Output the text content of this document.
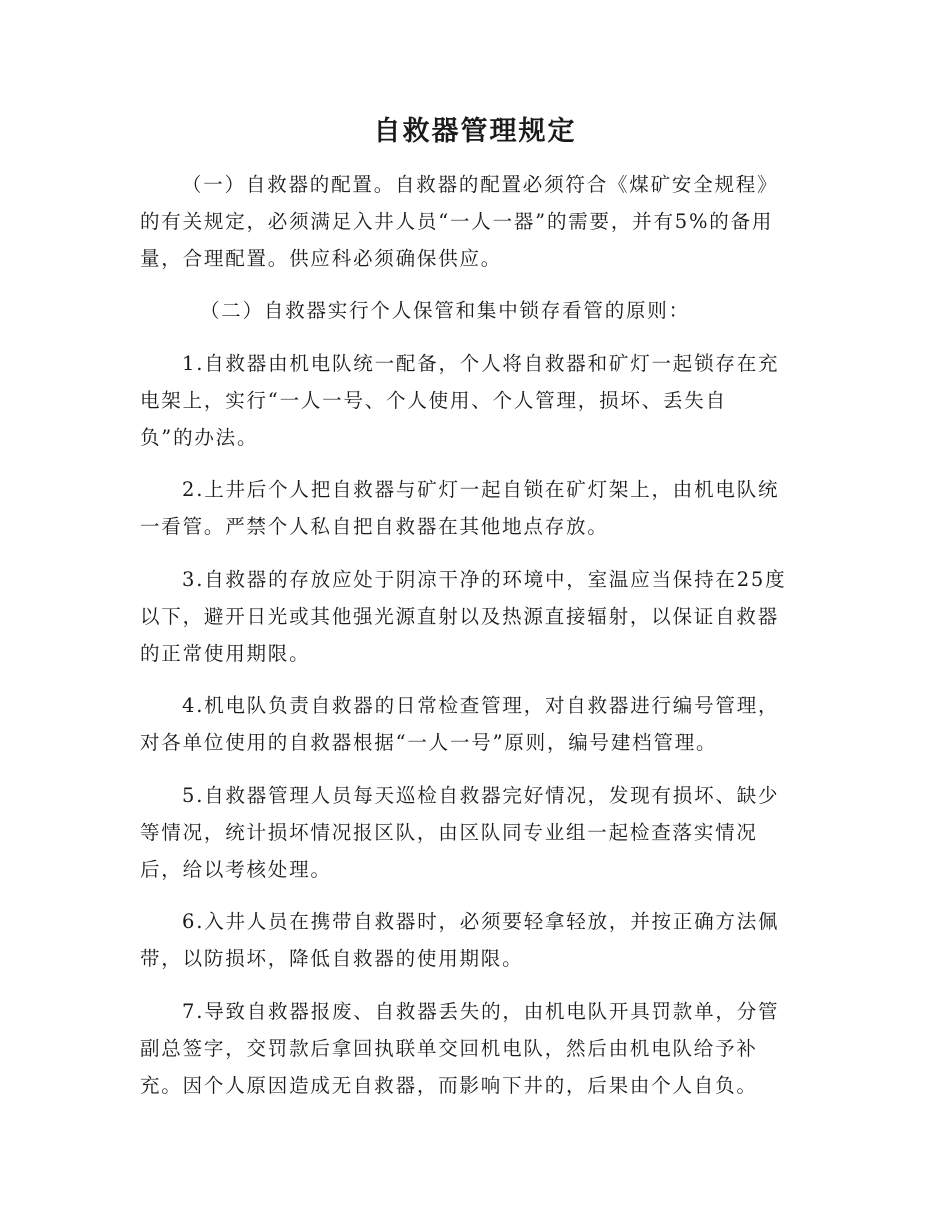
自救器管理规定
（一）自救器的配置。自救器的配置必须符合《煤矿安全规程》
的有关规定，必须满足入井人员“一人一器”的需要，并有5%的备用
量，合理配置。供应科必须确保供应。
（二）自救器实行个人保管和集中锁存看管的原则：
1.自救器由机电队统一配备，个人将自救器和矿灯一起锁存在充
电架上，实行“一人一号、个人使用、个人管理，损坏、丢失自
负”的办法。
2.上井后个人把自救器与矿灯一起自锁在矿灯架上，由机电队统
一看管。严禁个人私自把自救器在其他地点存放。
3.自救器的存放应处于阴凉干净的环境中，室温应当保持在25度
以下，避开日光或其他强光源直射以及热源直接辐射，以保证自救器
的正常使用期限。
4.机电队负责自救器的日常检查管理，对自救器进行编号管理，
对各单位使用的自救器根据“一人一号”原则，编号建档管理。
5.自救器管理人员每天巡检自救器完好情况，发现有损坏、缺少
等情况，统计损坏情况报区队，由区队同专业组一起检查落实情况
后，给以考核处理。
6.入井人员在携带自救器时，必须要轻拿轻放，并按正确方法佩
带，以防损坏，降低自救器的使用期限。
7.导致自救器报废、自救器丢失的，由机电队开具罚款单，分管
副总签字，交罚款后拿回执联单交回机电队，然后由机电队给予补
充。因个人原因造成无自救器，而影响下井的，后果由个人自负。
